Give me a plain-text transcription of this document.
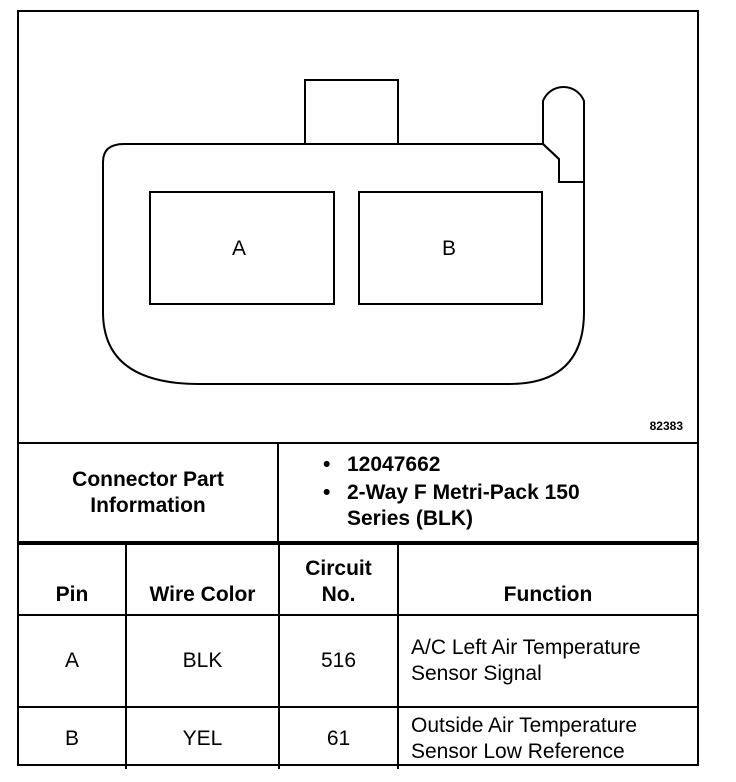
A	B
82383
Connector Part Information
• 12047662
• 2-Way F Metri-Pack 150 Series (BLK)
Pin	Wire Color	Circuit No.	Function
A	BLK	516	A/C Left Air Temperature Sensor Signal
B	YEL	61	Outside Air Temperature Sensor Low Reference
